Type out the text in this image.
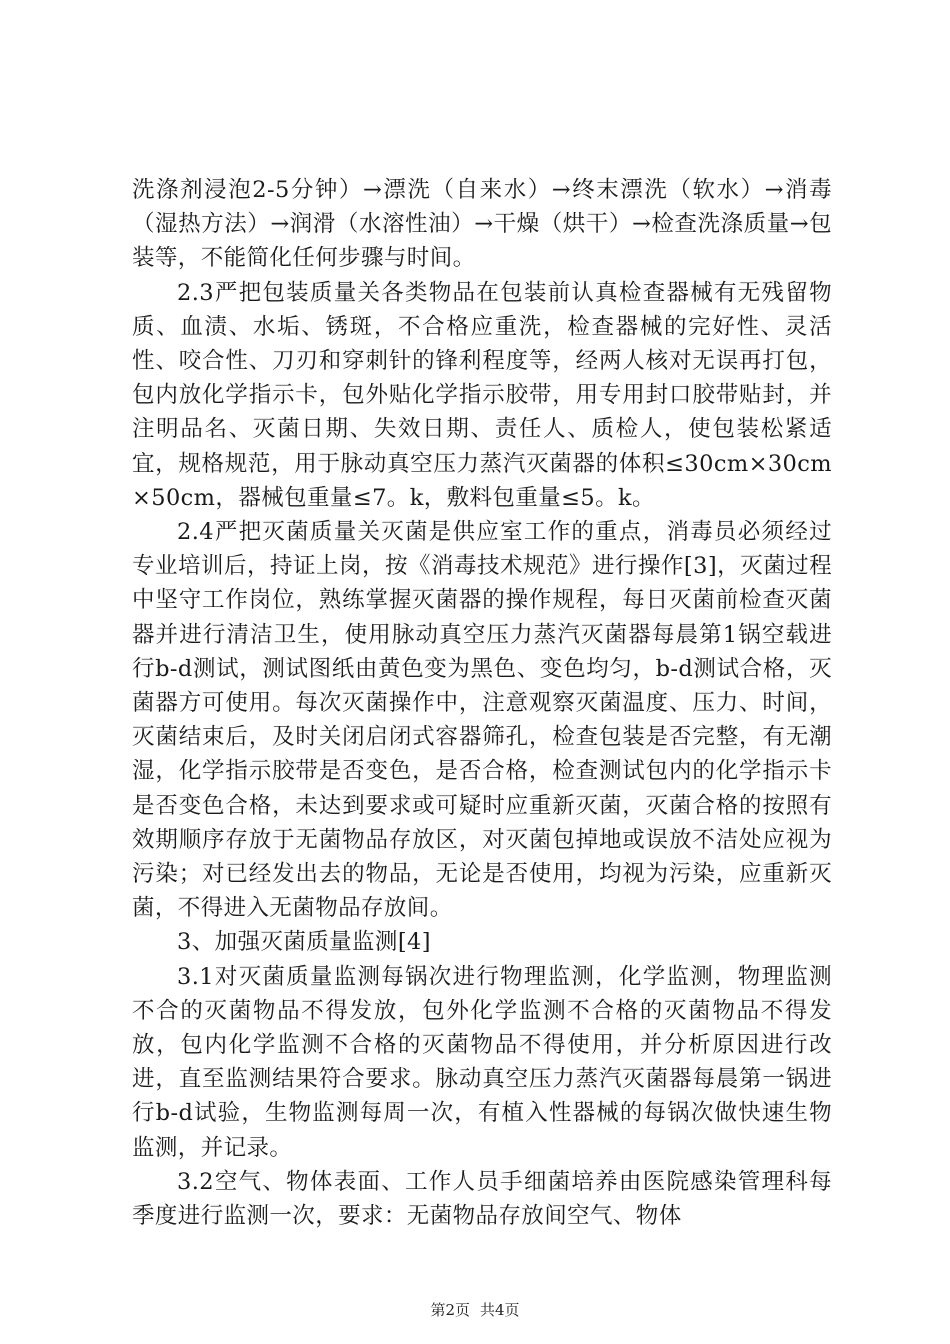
洗涤剂浸泡2-5分钟）→漂洗（自来水）→终末漂洗（软水）→消毒（湿热方法）→润滑（水溶性油）→干燥（烘干）→检查洗涤质量→包装等，不能简化任何步骤与时间。

2.3严把包装质量关各类物品在包装前认真检查器械有无残留物质、血渍、水垢、锈斑，不合格应重洗，检查器械的完好性、灵活性、咬合性、刀刃和穿刺针的锋利程度等，经两人核对无误再打包，包内放化学指示卡，包外贴化学指示胶带，用专用封口胶带贴封，并注明品名、灭菌日期、失效日期、责任人、质检人，使包装松紧适宜，规格规范，用于脉动真空压力蒸汽灭菌器的体积≤30cm×30cm×50cm，器械包重量≤7。k，敷料包重量≤5。k。

2.4严把灭菌质量关灭菌是供应室工作的重点，消毒员必须经过专业培训后，持证上岗，按《消毒技术规范》进行操作[3]，灭菌过程中坚守工作岗位，熟练掌握灭菌器的操作规程，每日灭菌前检查灭菌器并进行清洁卫生，使用脉动真空压力蒸汽灭菌器每晨第1锅空载进行b-d测试，测试图纸由黄色变为黑色、变色均匀，b-d测试合格，灭菌器方可使用。每次灭菌操作中，注意观察灭菌温度、压力、时间，灭菌结束后，及时关闭启闭式容器筛孔，检查包装是否完整，有无潮湿，化学指示胶带是否变色，是否合格，检查测试包内的化学指示卡是否变色合格，未达到要求或可疑时应重新灭菌，灭菌合格的按照有效期顺序存放于无菌物品存放区，对灭菌包掉地或误放不洁处应视为污染；对已经发出去的物品，无论是否使用，均视为污染，应重新灭菌，不得进入无菌物品存放间。

3、加强灭菌质量监测[4]

3.1对灭菌质量监测每锅次进行物理监测，化学监测，物理监测不合的灭菌物品不得发放，包外化学监测不合格的灭菌物品不得发放，包内化学监测不合格的灭菌物品不得使用，并分析原因进行改进，直至监测结果符合要求。脉动真空压力蒸汽灭菌器每晨第一锅进行b-d试验，生物监测每周一次，有植入性器械的每锅次做快速生物监测，并记录。

3.2空气、物体表面、工作人员手细菌培养由医院感染管理科每季度进行监测一次，要求：无菌物品存放间空气、物体

第2页 共4页
